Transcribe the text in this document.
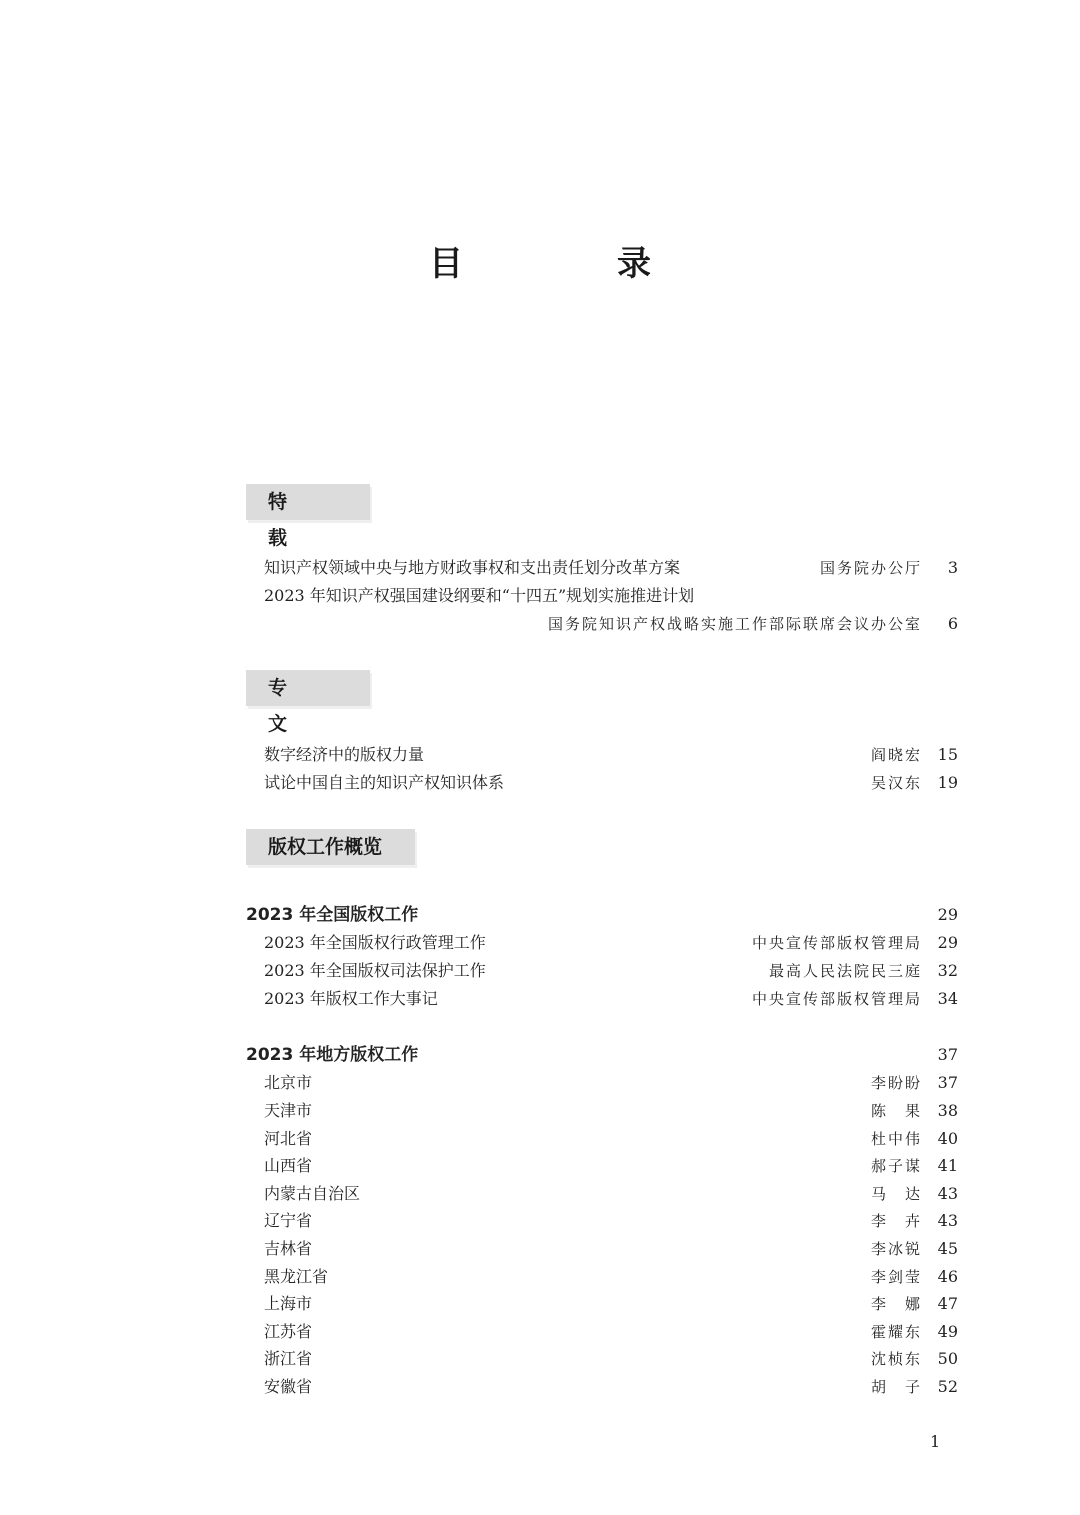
目　录
特载
知识产权领域中央与地方财政事权和支出责任划分改革方案	国务院办公厅	3
2023 年知识产权强国建设纲要和“十四五”规划实施推进计划
国务院知识产权战略实施工作部际联席会议办公室	6
专文
数字经济中的版权力量	阎晓宏 15
试论中国自主的知识产权知识体系	吴汉东 19
版权工作概览
2023 年全国版权工作	29
2023 年全国版权行政管理工作	中央宣传部版权管理局 29
2023 年全国版权司法保护工作	最高人民法院民三庭 32
2023 年版权工作大事记	中央宣传部版权管理局 34
2023 年地方版权工作	37
北京市	李盼盼 37
天津市	陈　果 38
河北省	杜中伟 40
山西省	郝子谋 41
内蒙古自治区	马　达 43
辽宁省	李　卉 43
吉林省	李冰锐 45
黑龙江省	李剑莹 46
上海市	李　娜 47
江苏省	霍耀东 49
浙江省	沈桢东 50
安徽省	胡　子 52
1
